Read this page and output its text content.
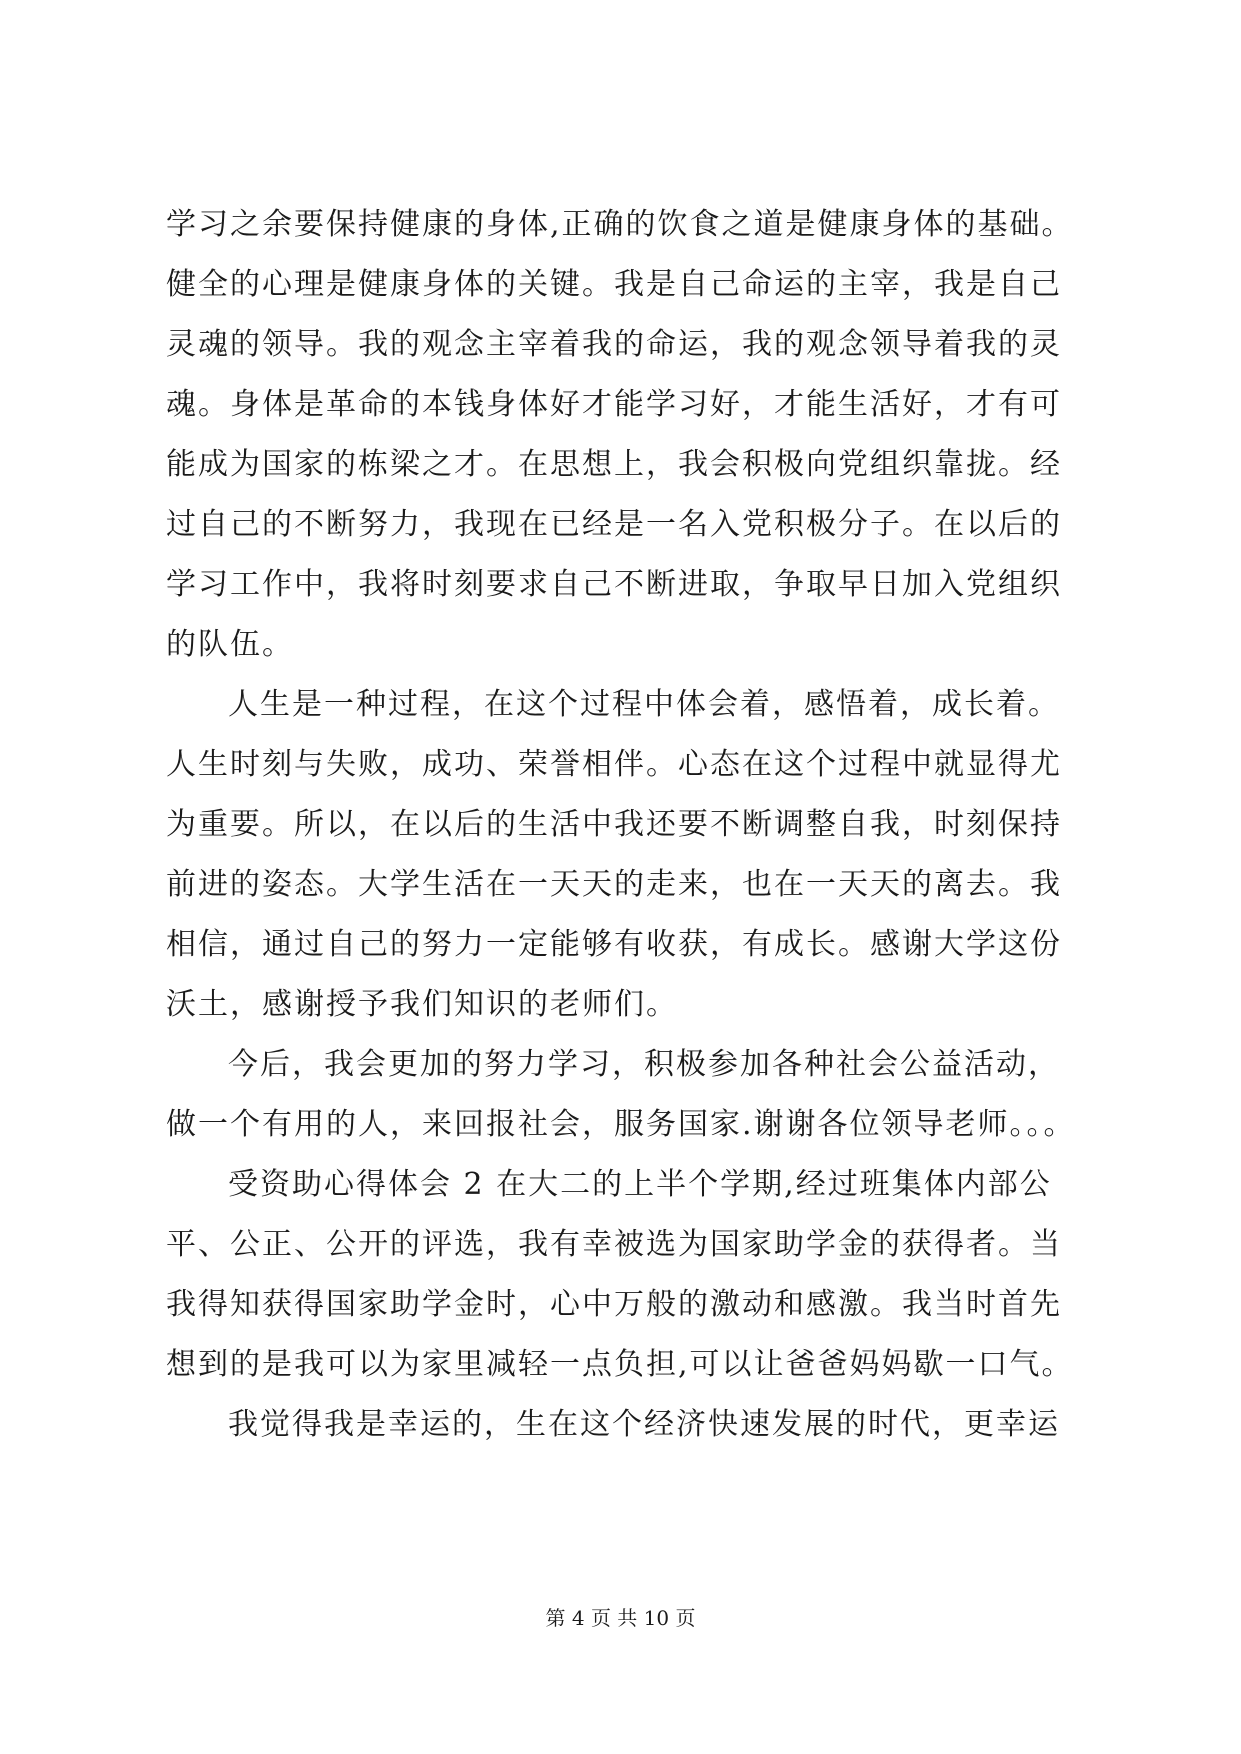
学习之余要保持健康的身体,正确的饮食之道是健康身体的基础。
健全的心理是健康身体的关键。我是自己命运的主宰，我是自己
灵魂的领导。我的观念主宰着我的命运，我的观念领导着我的灵
魂。身体是革命的本钱身体好才能学习好，才能生活好，才有可
能成为国家的栋梁之才。在思想上，我会积极向党组织靠拢。经
过自己的不断努力，我现在已经是一名入党积极分子。在以后的
学习工作中，我将时刻要求自己不断进取，争取早日加入党组织
的队伍。
人生是一种过程，在这个过程中体会着，感悟着，成长着。
人生时刻与失败，成功、荣誉相伴。心态在这个过程中就显得尤
为重要。所以，在以后的生活中我还要不断调整自我，时刻保持
前进的姿态。大学生活在一天天的走来，也在一天天的离去。我
相信，通过自己的努力一定能够有收获，有成长。感谢大学这份
沃土，感谢授予我们知识的老师们。
今后，我会更加的努力学习，积极参加各种社会公益活动，
做一个有用的人，来回报社会，服务国家.谢谢各位领导老师。。。
受资助心得体会 2 在大二的上半个学期,经过班集体内部公
平、公正、公开的评选，我有幸被选为国家助学金的获得者。当
我得知获得国家助学金时，心中万般的激动和感激。我当时首先
想到的是我可以为家里减轻一点负担,可以让爸爸妈妈歇一口气。
我觉得我是幸运的，生在这个经济快速发展的时代，更幸运
第 4 页 共 10 页
